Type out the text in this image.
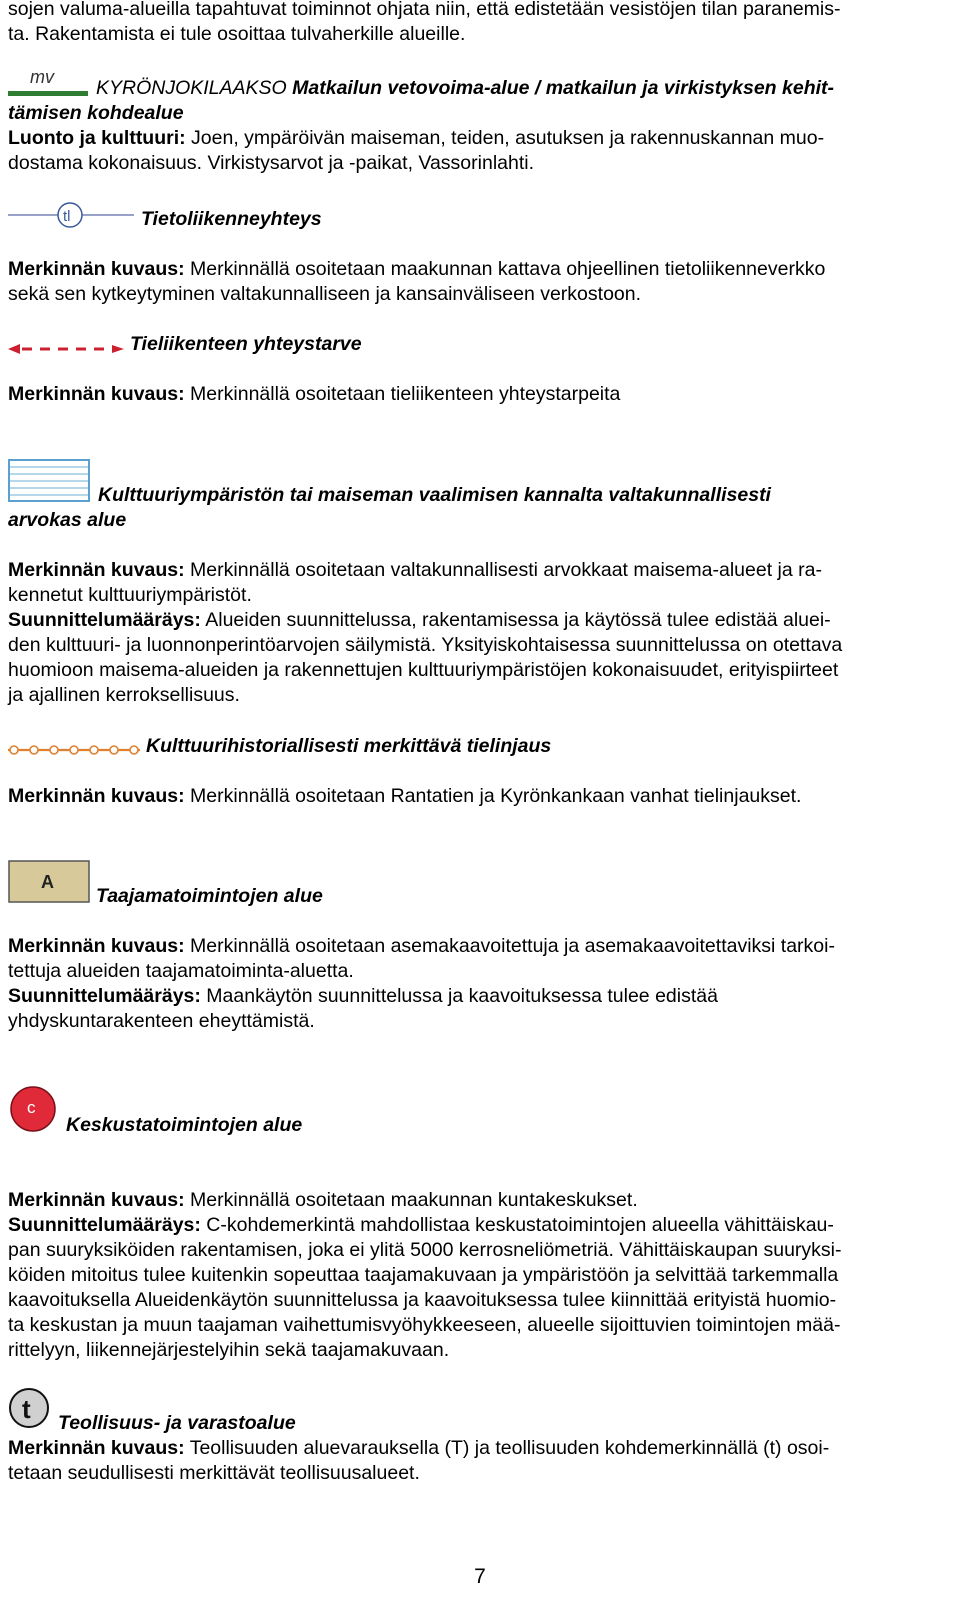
sojen valuma-alueilla tapahtuvat toiminnot ohjata niin, että edistetään vesistöjen tilan paranemis-
ta. Rakentamista ei tule osoittaa tulvaherkille alueille.
mv KYRÖNJOKILAAKSO Matkailun vetovoima-alue / matkailun ja virkistyksen kehit-
tämisen kohdealue
Luonto ja kulttuuri: Joen, ympäröivän maiseman, teiden, asutuksen ja rakennuskannan muo-
dostama kokonaisuus. Virkistysarvot ja -paikat, Vassorinlahti.
tl	Tietoliikenneyhteys
Merkinnän kuvaus: Merkinnällä osoitetaan maakunnan kattava ohjeellinen tietoliikenneverkko
sekä sen kytkeytyminen valtakunnalliseen ja kansainväliseen verkostoon.
Tieliikenteen yhteystarve
Merkinnän kuvaus: Merkinnällä osoitetaan tieliikenteen yhteystarpeita
Kulttuuriympäristön tai maiseman vaalimisen kannalta valtakunnallisesti
arvokas alue
Merkinnän kuvaus: Merkinnällä osoitetaan valtakunnallisesti arvokkaat maisema-alueet ja ra-
kennetut kulttuuriympäristöt.
Suunnittelumääräys: Alueiden suunnittelussa, rakentamisessa ja käytössä tulee edistää aluei-
den kulttuuri- ja luonnonperintöarvojen säilymistä. Yksityiskohtaisessa suunnittelussa on otettava
huomioon maisema-alueiden ja rakennettujen kulttuuriympäristöjen kokonaisuudet, erityispiirteet
ja ajallinen kerroksellisuus.
Kulttuurihistoriallisesti merkittävä tielinjaus
Merkinnän kuvaus: Merkinnällä osoitetaan Rantatien ja Kyrönkankaan vanhat tielinjaukset.
A
Taajamatoimintojen alue
Merkinnän kuvaus: Merkinnällä osoitetaan asemakaavoitettuja ja asemakaavoitettaviksi tarkoi-
tettuja alueiden taajamatoiminta-aluetta.
Suunnittelumääräys: Maankäytön suunnittelussa ja kaavoituksessa tulee edistää
yhdyskuntarakenteen eheyttämistä.
c
Keskustatoimintojen alue
Merkinnän kuvaus: Merkinnällä osoitetaan maakunnan kuntakeskukset.
Suunnittelumääräys: C-kohdemerkintä mahdollistaa keskustatoimintojen alueella vähittäiskau-
pan suuryksiköiden rakentamisen, joka ei ylitä 5000 kerrosneliömetriä. Vähittäiskaupan suuryksi-
köiden mitoitus tulee kuitenkin sopeuttaa taajamakuvaan ja ympäristöön ja selvittää tarkemmalla
kaavoituksella Alueidenkäytön suunnittelussa ja kaavoituksessa tulee kiinnittää erityistä huomio-
ta keskustan ja muun taajaman vaihettumisvyöhykkeeseen, alueelle sijoittuvien toimintojen mää-
rittelyyn, liikennejärjestelyihin sekä taajamakuvaan.
t Teollisuus- ja varastoalue
Merkinnän kuvaus: Teollisuuden aluevarauksella (T) ja teollisuuden kohdemerkinnällä (t) osoi-
tetaan seudullisesti merkittävät teollisuusalueet.
7
